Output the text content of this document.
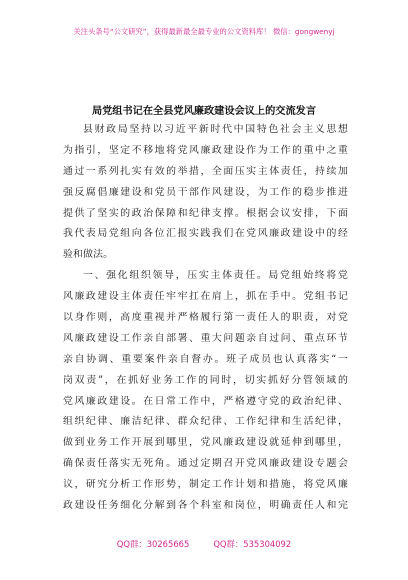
关注头条号“公文研究”，获得最新最全最专业的公文资料库！ 微信：gongwenyj
局党组书记在全县党风廉政建设会议上的交流发言
县财政局坚持以习近平新时代中国特色社会主义思想
为指引，坚定不移地将党风廉政建设作为工作的重中之重
通过一系列扎实有效的举措，全面压实主体责任，持续加
强反腐倡廉建设和党员干部作风建设，为工作的稳步推进
提供了坚实的政治保障和纪律支撑。根据会议安排，下面
我代表局党组向各位汇报实践我们在党风廉政建设中的经
验和做法。
一、强化组织领导，压实主体责任。局党组始终将党
风廉政建设主体责任牢牢扛在肩上，抓在手中。党组书记
以身作则，高度重视并严格履行第一责任人的职责，对党
风廉政建设工作亲自部署、重大问题亲自过问、重点环节
亲自协调、重要案件亲自督办。班子成员也认真落实“一
岗双责”，在抓好业务工作的同时，切实抓好分管领域的
党风廉政建设。在日常工作中，严格遵守党的政治纪律、
组织纪律、廉洁纪律、群众纪律、工作纪律和生活纪律，
做到业务工作开展到哪里，党风廉政建设就延伸到哪里，
确保责任落实无死角。通过定期召开党风廉政建设专题会
议，研究分析工作形势，制定工作计划和措施，将党风廉
政建设任务细化分解到各个科室和岗位，明确责任人和完
QQ群：30265665	QQ群：535304092
